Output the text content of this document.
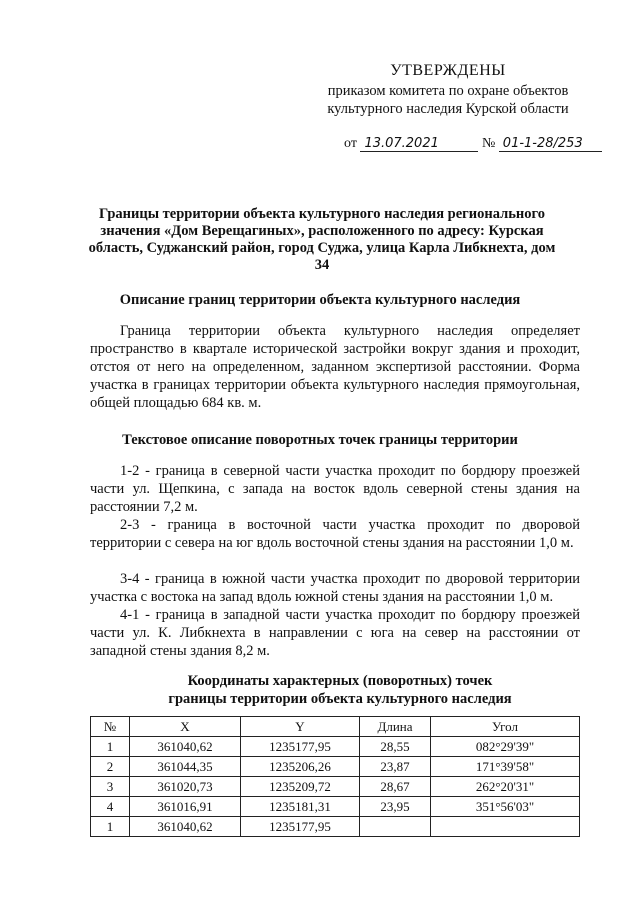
УТВЕРЖДЕНЫ
приказом комитета по охране объектов
культурного наследия Курской области
от 13.07.2021	№ 01-1-28/253
Границы территории объекта культурного наследия регионального значения «Дом Верещагиных», расположенного по адресу: Курская область, Суджанский район, город Суджа, улица Карла Либкнехта, дом 34
Описание границ территории объекта культурного наследия
Граница территории объекта культурного наследия определяет пространство в квартале исторической застройки вокруг здания и проходит, отстоя от него на определенном, заданном экспертизой расстоянии. Форма участка в границах территории объекта культурного наследия прямоугольная, общей площадью 684 кв. м.
Текстовое описание поворотных точек границы территории
1-2 - граница в северной части участка проходит по бордюру проезжей части ул. Щепкина, с запада на восток вдоль северной стены здания на расстоянии 7,2 м.
2-3 - граница в восточной части участка проходит по дворовой территории с севера на юг вдоль восточной стены здания на расстоянии 1,0 м.
3-4 - граница в южной части участка проходит по дворовой территории участка с востока на запад вдоль южной стены здания на расстоянии 1,0 м.
4-1 - граница в западной части участка проходит по бордюру проезжей части ул. К. Либкнехта в направлении с юга на север на расстоянии от западной стены здания 8,2 м.
Координаты характерных (поворотных) точек
границы территории объекта культурного наследия
№	X	Y	Длина	Угол
1	361040,62	1235177,95	28,55	082°29'39"
2	361044,35	1235206,26	23,87	171°39'58"
3	361020,73	1235209,72	28,67	262°20'31"
4	361016,91	1235181,31	23,95	351°56'03"
1	361040,62	1235177,95		
